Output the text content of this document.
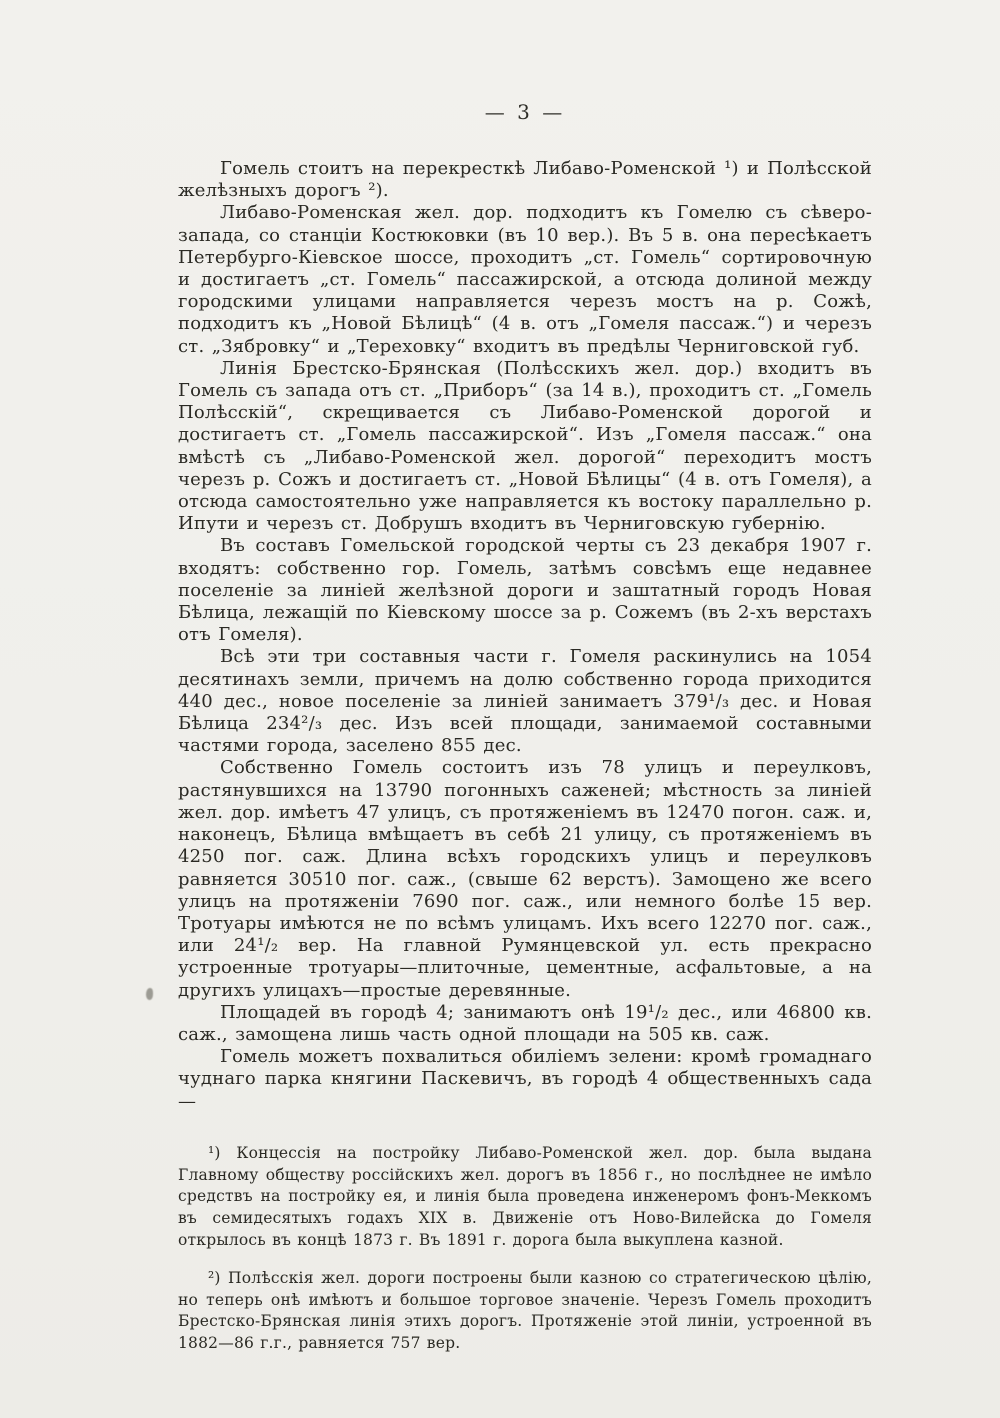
— 3 —

Гомель стоитъ на перекресткѣ Либаво-Роменской ¹) и Полѣсской желѣзныхъ дорогъ ²).

Либаво-Роменская жел. дор. подходитъ къ Гомелю съ сѣверо-запада, со станціи Костюковки (въ 10 вер.). Въ 5 в. она пересѣкаетъ Петербурго-Кіевское шоссе, проходитъ „ст. Гомель“ сортировочную и достигаетъ „ст. Гомель“ пассажирской, а отсюда долиной между городскими улицами направляется черезъ мостъ на р. Сожѣ, подходитъ къ „Новой Бѣлицѣ“ (4 в. отъ „Гомеля пассаж.“) и черезъ ст. „Зябровку“ и „Тереховку“ входитъ въ предѣлы Черниговской губ.

Линія Брестско-Брянская (Полѣсскихъ жел. дор.) входитъ въ Гомель съ запада отъ ст. „Приборъ“ (за 14 в.), проходитъ ст. „Гомель Полѣсскій“, скрещивается съ Либаво-Роменской дорогой и достигаетъ ст. „Гомель пассажирской“. Изъ „Гомеля пассаж.“ она вмѣстѣ съ „Либаво-Роменской жел. дорогой“ переходитъ мостъ черезъ р. Сожъ и достигаетъ ст. „Новой Бѣлицы“ (4 в. отъ Гомеля), а отсюда самостоятельно уже направляется къ востоку параллельно р. Ипути и черезъ ст. Добрушъ входитъ въ Черниговскую губернію.

Въ составъ Гомельской городской черты съ 23 декабря 1907 г. входятъ: собственно гор. Гомель, затѣмъ совсѣмъ еще недавнее поселеніе за линіей желѣзной дороги и заштатный городъ Новая Бѣлица, лежащій по Кіевскому шоссе за р. Сожемъ (въ 2-хъ верстахъ отъ Гомеля).

Всѣ эти три составныя части г. Гомеля раскинулись на 1054 десятинахъ земли, причемъ на долю собственно города приходится 440 дес., новое поселеніе за линіей занимаетъ 379¹/₃ дес. и Новая Бѣлица 234²/₃ дес. Изъ всей площади, занимаемой составными частями города, заселено 855 дес.

Собственно Гомель состоитъ изъ 78 улицъ и переулковъ, растянувшихся на 13790 погонныхъ саженей; мѣстность за линіей жел. дор. имѣетъ 47 улицъ, съ протяженіемъ въ 12470 погон. саж. и, наконецъ, Бѣлица вмѣщаетъ въ себѣ 21 улицу, съ протяженіемъ въ 4250 пог. саж. Длина всѣхъ городскихъ улицъ и переулковъ равняется 30510 пог. саж., (свыше 62 верстъ). Замощено же всего улицъ на протяженіи 7690 пог. саж., или немного болѣе 15 вер. Тротуары имѣются не по всѣмъ улицамъ. Ихъ всего 12270 пог. саж., или 24¹/₂ вер. На главной Румянцевской ул. есть прекрасно устроенные тротуары—плиточные, цементные, асфальтовые, а на другихъ улицахъ—простые деревянные.

Площадей въ городѣ 4; занимаютъ онѣ 19¹/₂ дес., или 46800 кв. саж., замощена лишь часть одной площади на 505 кв. саж.

Гомель можетъ похвалиться обиліемъ зелени: кромѣ громаднаго чуднаго парка княгини Паскевичъ, въ городѣ 4 общественныхъ сада—

¹) Концессія на постройку Либаво-Роменской жел. дор. была выдана Главному обществу россійскихъ жел. дорогъ въ 1856 г., но послѣднее не имѣло средствъ на постройку ея, и линія была проведена инженеромъ фонъ-Меккомъ въ семидесятыхъ годахъ XIX в. Движеніе отъ Ново-Вилейска до Гомеля открылось въ концѣ 1873 г. Въ 1891 г. дорога была выкуплена казной.

²) Полѣсскія жел. дороги построены были казною со стратегическою цѣлію, но теперь онѣ имѣютъ и большое торговое значеніе. Черезъ Гомель проходитъ Брестско-Брянская линія этихъ дорогъ. Протяженіе этой линіи, устроенной въ 1882—86 г.г., равняется 757 вер.
